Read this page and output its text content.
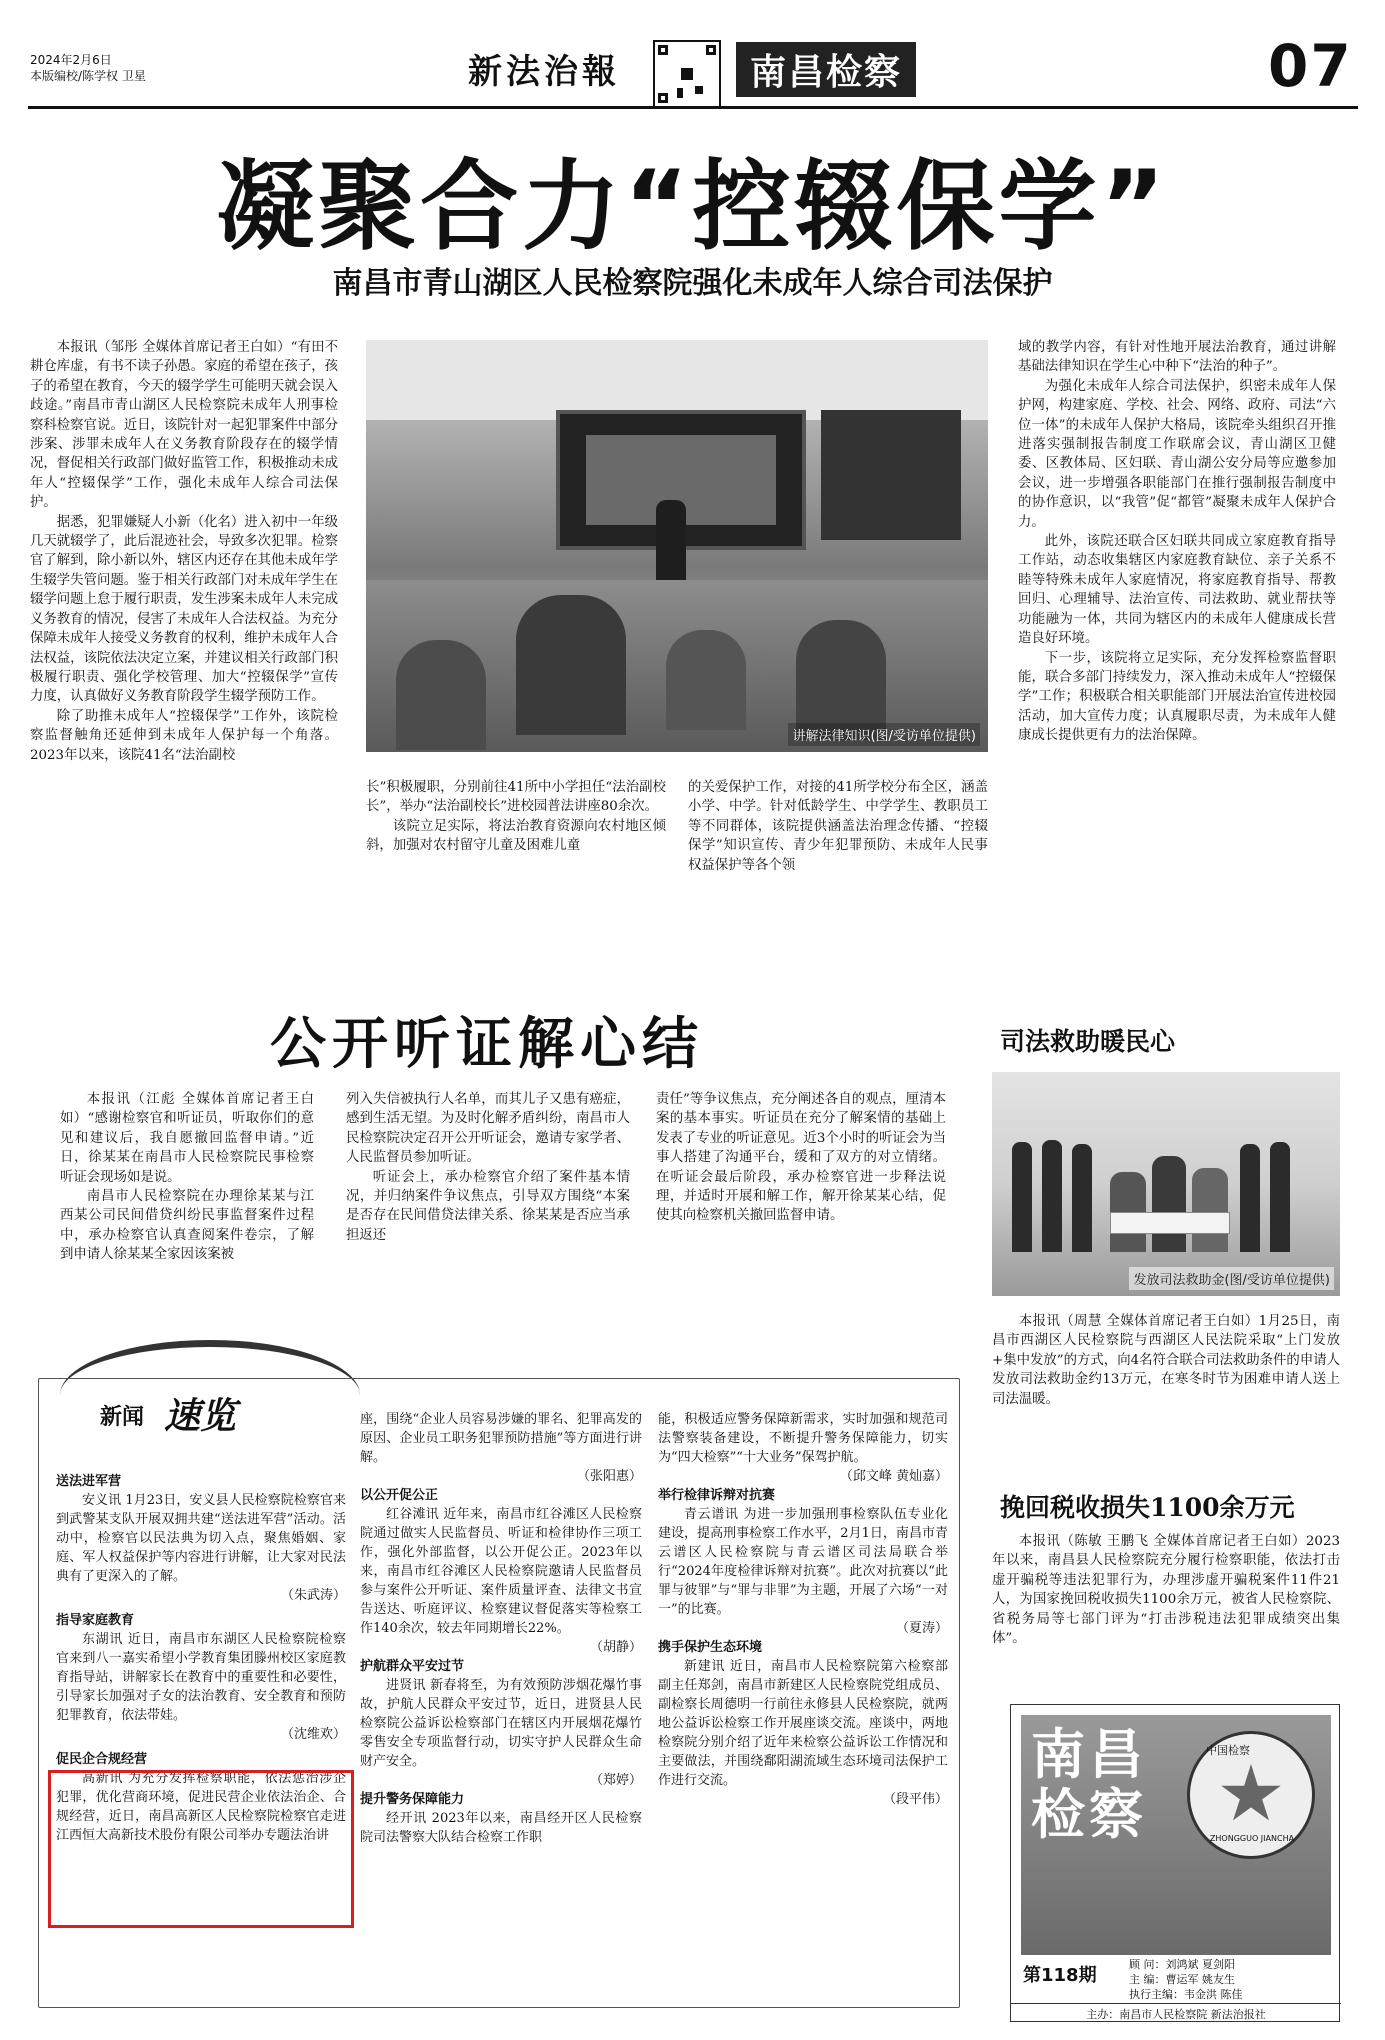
2024年2月6日
本版编校/陈学权 卫星	新法治報	南昌检察	07
凝聚合力“控辍保学”
南昌市青山湖区人民检察院强化未成年人综合司法保护

本报讯（邹彤 全媒体首席记者王白如）“有田不耕仓库虚，有书不读子孙愚。家庭的希望在孩子，孩子的希望在教育，今天的辍学学生可能明天就会误入歧途。”南昌市青山湖区人民检察院未成年人刑事检察科检察官说。近日，该院针对一起犯罪案件中部分涉案、涉罪未成年人在义务教育阶段存在的辍学情况，督促相关行政部门做好监管工作，积极推动未成年人“控辍保学”工作，强化未成年人综合司法保护。

据悉，犯罪嫌疑人小新（化名）进入初中一年级几天就辍学了，此后混迹社会，导致多次犯罪。检察官了解到，除小新以外，辖区内还存在其他未成年学生辍学失管问题。鉴于相关行政部门对未成年学生在辍学问题上怠于履行职责，发生涉案未成年人未完成义务教育的情况，侵害了未成年人合法权益。为充分保障未成年人接受义务教育的权利，维护未成年人合法权益，该院依法决定立案，并建议相关行政部门积极履行职责、强化学校管理、加大“控辍保学”宣传力度，认真做好义务教育阶段学生辍学预防工作。

除了助推未成年人“控辍保学”工作外，该院检察监督触角还延伸到未成年人保护每一个角落。2023年以来，该院41名“法治副校

讲解法律知识(图/受访单位提供)

长”积极履职，分别前往41所中小学担任“法治副校长”，举办“法治副校长”进校园普法讲座80余次。

该院立足实际，将法治教育资源向农村地区倾斜，加强对农村留守儿童及困难儿童

的关爱保护工作，对接的41所学校分布全区，涵盖小学、中学。针对低龄学生、中学学生、教职员工等不同群体，该院提供涵盖法治理念传播、“控辍保学”知识宣传、青少年犯罪预防、未成年人民事权益保护等各个领

域的教学内容，有针对性地开展法治教育，通过讲解基础法律知识在学生心中种下“法治的种子”。

为强化未成年人综合司法保护，织密未成年人保护网，构建家庭、学校、社会、网络、政府、司法“六位一体”的未成年人保护大格局，该院牵头组织召开推进落实强制报告制度工作联席会议，青山湖区卫健委、区教体局、区妇联、青山湖公安分局等应邀参加会议，进一步增强各职能部门在推行强制报告制度中的协作意识，以“我管”促“都管”凝聚未成年人保护合力。

此外，该院还联合区妇联共同成立家庭教育指导工作站，动态收集辖区内家庭教育缺位、亲子关系不睦等特殊未成年人家庭情况，将家庭教育指导、帮教回归、心理辅导、法治宣传、司法救助、就业帮扶等功能融为一体，共同为辖区内的未成年人健康成长营造良好环境。

下一步，该院将立足实际，充分发挥检察监督职能，联合多部门持续发力，深入推动未成年人“控辍保学”工作；积极联合相关职能部门开展法治宣传进校园活动，加大宣传力度；认真履职尽责，为未成年人健康成长提供更有力的法治保障。

公开听证解心结

本报讯（江彪 全媒体首席记者王白如）“感谢检察官和听证员，听取你们的意见和建议后，我自愿撤回监督申请。”近日，徐某某在南昌市人民检察院民事检察听证会现场如是说。

南昌市人民检察院在办理徐某某与江西某公司民间借贷纠纷民事监督案件过程中，承办检察官认真查阅案件卷宗，了解到申请人徐某某全家因该案被

列入失信被执行人名单，而其儿子又患有癌症，感到生活无望。为及时化解矛盾纠纷，南昌市人民检察院决定召开公开听证会，邀请专家学者、人民监督员参加听证。

听证会上，承办检察官介绍了案件基本情况，并归纳案件争议焦点，引导双方围绕“本案是否存在民间借贷法律关系、徐某某是否应当承担返还

责任”等争议焦点，充分阐述各自的观点，厘清本案的基本事实。听证员在充分了解案情的基础上发表了专业的听证意见。近3个小时的听证会为当事人搭建了沟通平台，缓和了双方的对立情绪。在听证会最后阶段，承办检察官进一步释法说理，并适时开展和解工作，解开徐某某心结，促使其向检察机关撤回监督申请。

司法救助暖民心
发放司法救助金(图/受访单位提供)

本报讯（周慧 全媒体首席记者王白如）1月25日，南昌市西湖区人民检察院与西湖区人民法院采取“上门发放+集中发放”的方式，向4名符合联合司法救助条件的申请人发放司法救助金约13万元，在寒冬时节为困难申请人送上司法温暖。

挽回税收损失1100余万元

本报讯（陈敏 王鹏飞 全媒体首席记者王白如）2023年以来，南昌县人民检察院充分履行检察职能，依法打击虚开骗税等违法犯罪行为，办理涉虚开骗税案件11件21人，为国家挽回税收损失1100余万元，被省人民检察院、省税务局等七部门评为“打击涉税违法犯罪成绩突出集体”。

新闻 速览

送法进军营

安义讯 1月23日，安义县人民检察院检察官来到武警某支队开展双拥共建“送法进军营”活动。活动中，检察官以民法典为切入点，聚焦婚姻、家庭、军人权益保护等内容进行讲解，让大家对民法典有了更深入的了解。

（朱武涛）

指导家庭教育

东湖讯 近日，南昌市东湖区人民检察院检察官来到八一嘉实希望小学教育集团滕州校区家庭教育指导站，讲解家长在教育中的重要性和必要性，引导家长加强对子女的法治教育、安全教育和预防犯罪教育，依法带娃。

（沈维欢）

促民企合规经营

高新讯 为充分发挥检察职能，依法惩治涉企犯罪，优化营商环境，促进民营企业依法治企、合规经营，近日，南昌高新区人民检察院检察官走进江西恒大高新技术股份有限公司举办专题法治讲

座，围绕“企业人员容易涉嫌的罪名、犯罪高发的原因、企业员工职务犯罪预防措施”等方面进行讲解。

（张阳惠）

以公开促公正

红谷滩讯 近年来，南昌市红谷滩区人民检察院通过做实人民监督员、听证和检律协作三项工作，强化外部监督，以公开促公正。2023年以来，南昌市红谷滩区人民检察院邀请人民监督员参与案件公开听证、案件质量评查、法律文书宣告送达、听庭评议、检察建议督促落实等检察工作140余次，较去年同期增长22%。

（胡静）

护航群众平安过节

进贤讯 新春将至，为有效预防涉烟花爆竹事故，护航人民群众平安过节，近日，进贤县人民检察院公益诉讼检察部门在辖区内开展烟花爆竹零售安全专项监督行动，切实守护人民群众生命财产安全。

（郑婷）

提升警务保障能力

经开讯 2023年以来，南昌经开区人民检察院司法警察大队结合检察工作职

能，积极适应警务保障新需求，实时加强和规范司法警察装备建设，不断提升警务保障能力，切实为“四大检察”“十大业务”保驾护航。

（邱文峰 黄灿嘉）

举行检律诉辩对抗赛

青云谱讯 为进一步加强刑事检察队伍专业化建设，提高刑事检察工作水平，2月1日，南昌市青云谱区人民检察院与青云谱区司法局联合举行“2024年度检律诉辩对抗赛”。此次对抗赛以“此罪与彼罪”与“罪与非罪”为主题，开展了六场“一对一”的比赛。

（夏涛）

携手保护生态环境

新建讯 近日，南昌市人民检察院第六检察部副主任郑剑，南昌市新建区人民检察院党组成员、副检察长周德明一行前往永修县人民检察院，就两地公益诉讼检察工作开展座谈交流。座谈中，两地检察院分别介绍了近年来检察公益诉讼工作情况和主要做法，并围绕鄱阳湖流域生态环境司法保护工作进行交流。

（段平伟）

南昌检察
中国检察
ZHONGGUO JIANCHA
第118期
顾 问：刘鸿斌 夏剑阳
主 编：曹运军 姚友生
执行主编：韦金洪 陈佳
主办：南昌市人民检察院 新法治报社
